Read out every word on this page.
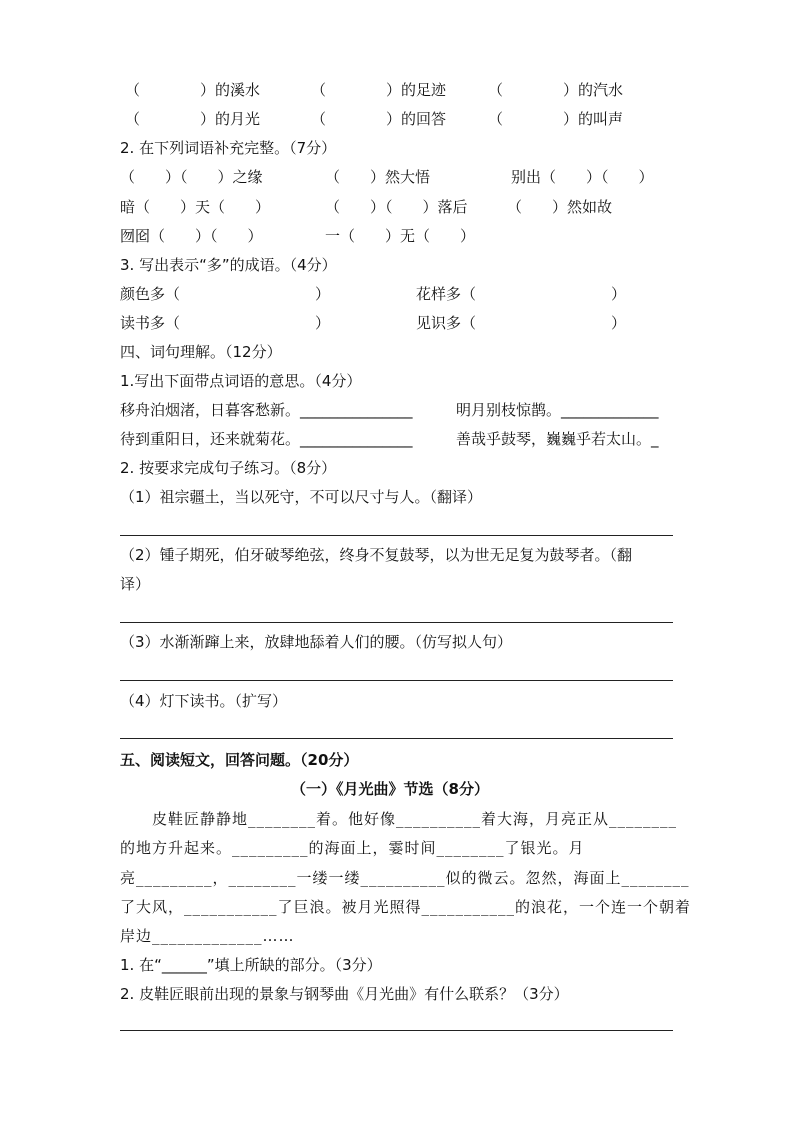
（　　　　）的溪水	（　　　　）的足迹	（　　　　）的汽水
（　　　　）的月光	（　　　　）的回答	（　　　　）的叫声
2. 在下列词语补充完整。（7分）
（　　）（　　）之缘	（　　）然大悟	别出（　　）（　　）
暗（　　）天（　　）	（　　）（　　）落后	（　　）然如故
囫囵（　　）（　　）	一（　　）无（　　）
3. 写出表示“多”的成语。（4分）
颜色多（　　　　　　　　　）	花样多（　　　　　　　　　）
读书多（　　　　　　　　　）	见识多（　　　　　　　　　）
四、词句理解。（12分）
1.写出下面带点词语的意思。（4分）
移舟泊烟渚，日暮客愁新。_______________	明月别枝惊鹊。_____________
待到重阳日，还来就菊花。_______________	善哉乎鼓琴，巍巍乎若太山。_
2. 按要求完成句子练习。（8分）
（1）祖宗疆土，当以死守，不可以尺寸与人。（翻译）
（2）锺子期死，伯牙破琴绝弦，终身不复鼓琴，以为世无足复为鼓琴者。（翻
译）
（3）水渐渐蹿上来，放肆地舔着人们的腰。（仿写拟人句）
（4）灯下读书。（扩写）
五、阅读短文，回答问题。（20分）
（一）《月光曲》节选（8分）
　　皮鞋匠静静地________着。他好像__________着大海，月亮正从________
的地方升起来。_________的海面上，霎时间________了银光。月
亮_________，________一缕一缕__________似的微云。忽然，海面上________
了大风，___________了巨浪。被月光照得___________的浪花，一个连一个朝着
岸边_____________……
1. 在“______”填上所缺的部分。（3分）
2. 皮鞋匠眼前出现的景象与钢琴曲《月光曲》有什么联系？（3分）
